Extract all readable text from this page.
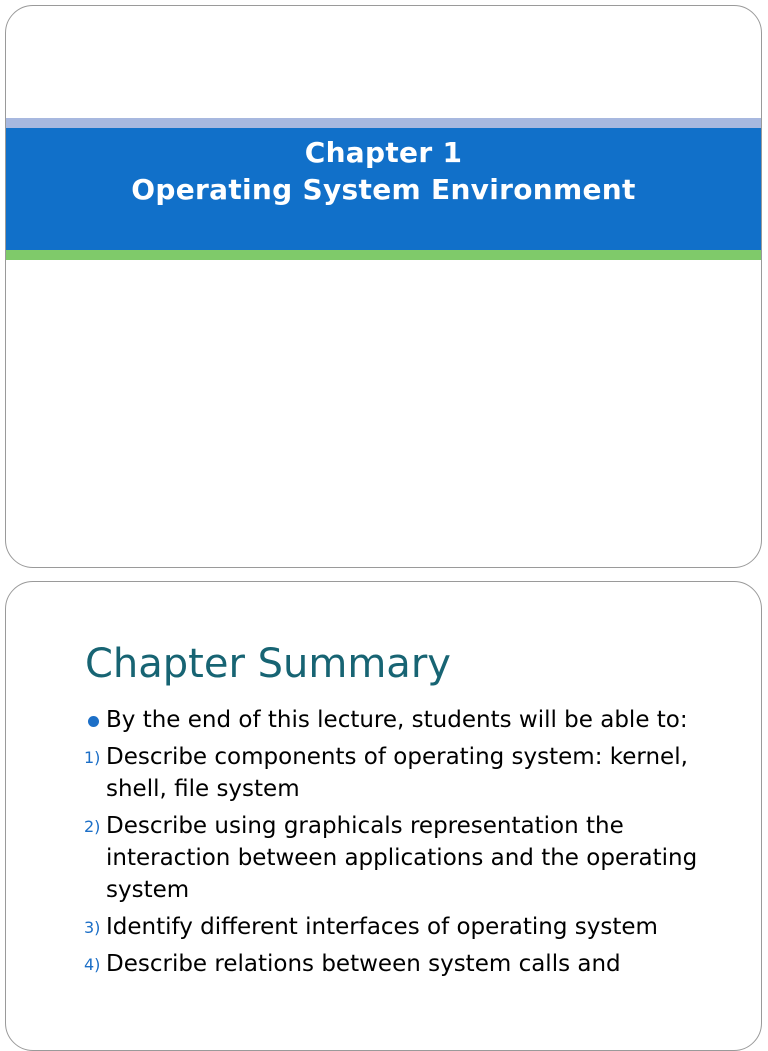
Chapter 1
Operating System Environment
Chapter Summary
By the end of this lecture, students will be able to:
1) Describe components of operating system: kernel, shell, file system
2) Describe using graphicals representation the interaction between applications and the operating system
3) Identify different interfaces of operating system
4) Describe relations between system calls and
